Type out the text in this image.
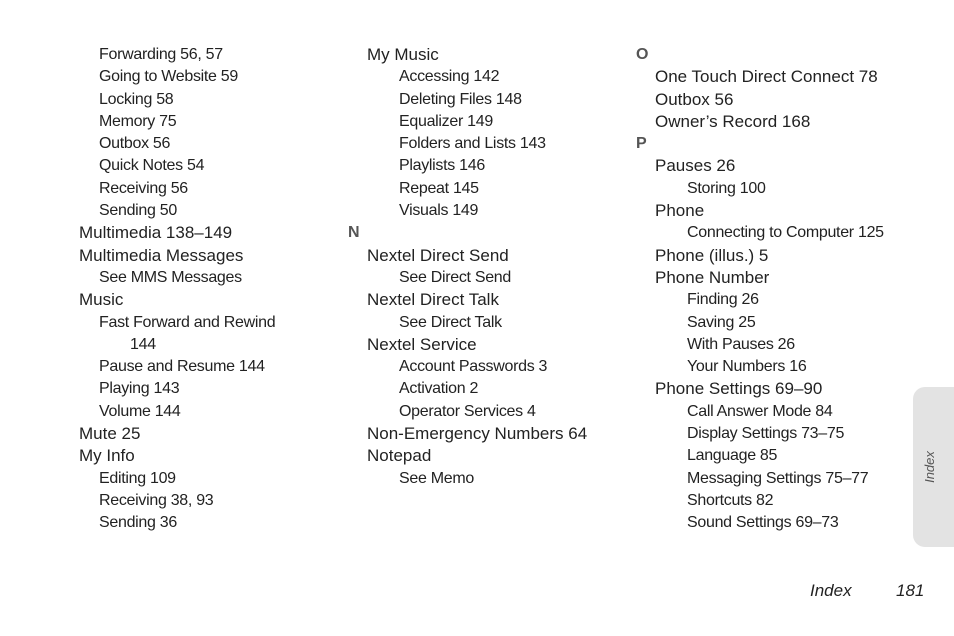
Forwarding 56, 57
Going to Website 59
Locking 58
Memory 75
Outbox 56
Quick Notes 54
Receiving 56
Sending 50
Multimedia 138–149
Multimedia Messages
See MMS Messages
Music
Fast Forward and Rewind
144
Pause and Resume 144
Playing 143
Volume 144
Mute 25
My Info
Editing 109
Receiving 38, 93
Sending 36
My Music
Accessing 142
Deleting Files 148
Equalizer 149
Folders and Lists 143
Playlists 146
Repeat 145
Visuals 149
N
Nextel Direct Send
See Direct Send
Nextel Direct Talk
See Direct Talk
Nextel Service
Account Passwords 3
Activation 2
Operator Services 4
Non-Emergency Numbers 64
Notepad
See Memo
O
One Touch Direct Connect 78
Outbox 56
Owner’s Record 168
P
Pauses 26
Storing 100
Phone
Connecting to Computer 125
Phone (illus.) 5
Phone Number
Finding 26
Saving 25
With Pauses 26
Your Numbers 16
Phone Settings 69–90
Call Answer Mode 84
Display Settings 73–75
Language 85
Messaging Settings 75–77
Shortcuts 82
Sound Settings 69–73
Index
Index	181
